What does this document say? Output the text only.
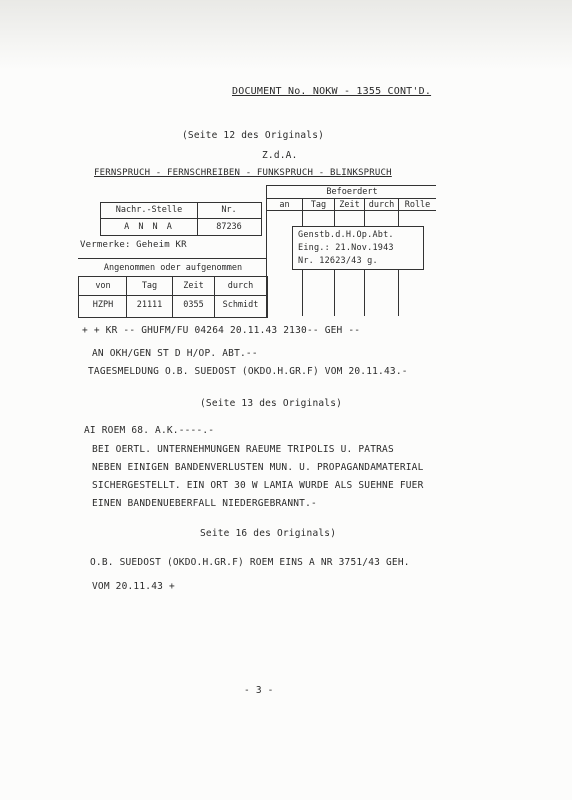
DOCUMENT No. NOKW - 1355 CONT'D.
(Seite 12 des Originals)
Z.d.A.
FERNSPRUCH - FERNSCHREIBEN - FUNKSPRUCH - BLINKSPRUCH
Nachr.-Stelle	Nr.
A N N A	87236
Vermerke: Geheim KR
Angenommen oder aufgenommen
von	Tag	Zeit	durch
HZPH	21111	0355	Schmidt
Befoerdert
an	Tag	Zeit	durch	Rolle
Genstb.d.H.Op.Abt.
Eing.: 21.Nov.1943
Nr. 12623/43 g.
+ + KR -- GHUFM/FU 04264 20.11.43 2130-- GEH --
AN OKH/GEN ST D H/OP. ABT.--
TAGESMELDUNG O.B. SUEDOST (OKDO.H.GR.F) VOM 20.11.43.-
(Seite 13 des Originals)
AI ROEM 68. A.K.----.-
BEI OERTL. UNTERNEHMUNGEN RAEUME TRIPOLIS U. PATRAS
NEBEN EINIGEN BANDENVERLUSTEN MUN. U. PROPAGANDAMATERIAL
SICHERGESTELLT. EIN ORT 30 W LAMIA WURDE ALS SUEHNE FUER
EINEN BANDENUEBERFALL NIEDERGEBRANNT.-
Seite 16 des Originals)
O.B. SUEDOST (OKDO.H.GR.F) ROEM EINS A NR 3751/43 GEH.
VOM 20.11.43 +
- 3 -
